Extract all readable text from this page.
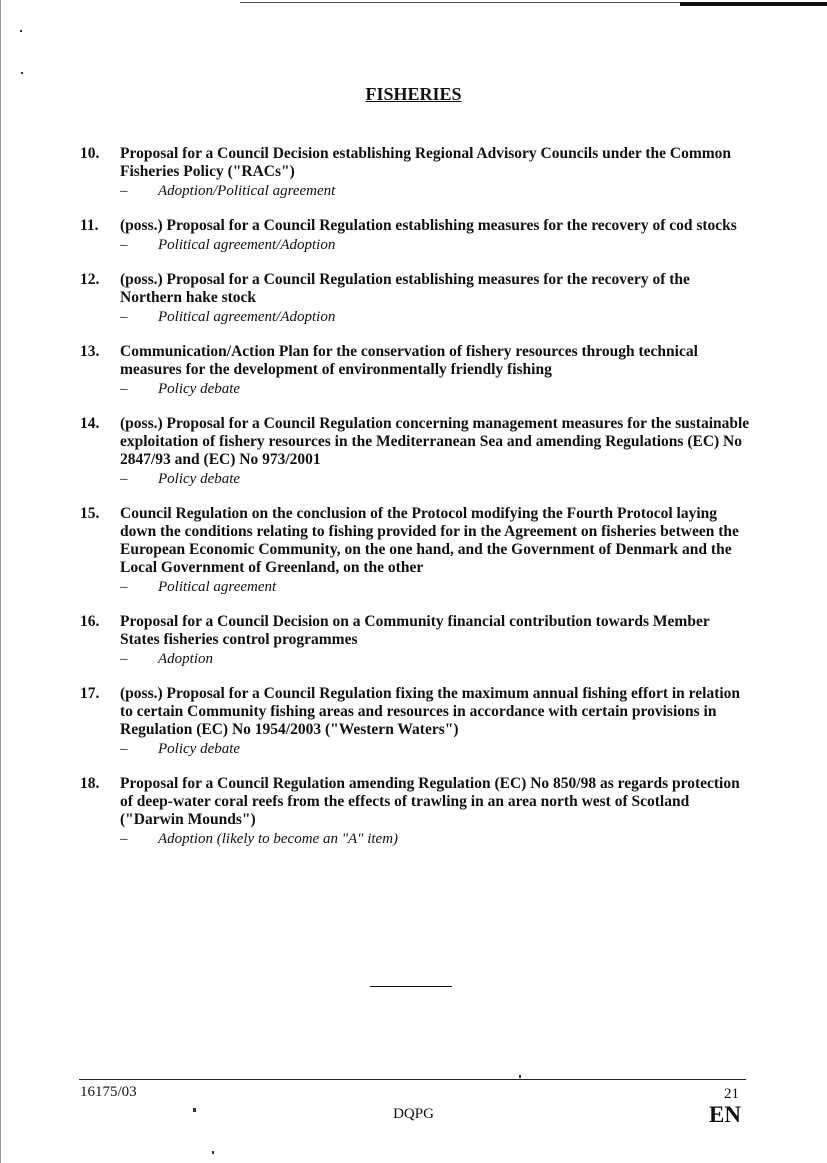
FISHERIES
10.	Proposal for a Council Decision establishing Regional Advisory Councils under the Common Fisheries Policy ("RACs")
–	Adoption/Political agreement
11.	(poss.) Proposal for a Council Regulation establishing measures for the recovery of cod stocks
–	Political agreement/Adoption
12.	(poss.) Proposal for a Council Regulation establishing measures for the recovery of the Northern hake stock
–	Political agreement/Adoption
13.	Communication/Action Plan for the conservation of fishery resources through technical measures for the development of environmentally friendly fishing
–	Policy debate
14.	(poss.) Proposal for a Council Regulation concerning management measures for the sustainable exploitation of fishery resources in the Mediterranean Sea and amending Regulations (EC) No 2847/93 and (EC) No 973/2001
–	Policy debate
15.	Council Regulation on the conclusion of the Protocol modifying the Fourth Protocol laying down the conditions relating to fishing provided for in the Agreement on fisheries between the European Economic Community, on the one hand, and the Government of Denmark and the Local Government of Greenland, on the other
–	Political agreement
16.	Proposal for a Council Decision on a Community financial contribution towards Member States fisheries control programmes
–	Adoption
17.	(poss.) Proposal for a Council Regulation fixing the maximum annual fishing effort in relation to certain Community fishing areas and resources in accordance with certain provisions in Regulation (EC) No 1954/2003 ("Western Waters")
–	Policy debate
18.	Proposal for a Council Regulation amending Regulation (EC) No 850/98 as regards protection of deep-water coral reefs from the effects of trawling in an area north west of Scotland ("Darwin Mounds")
–	Adoption (likely to become an "A" item)
16175/03	21
DQPG	EN
